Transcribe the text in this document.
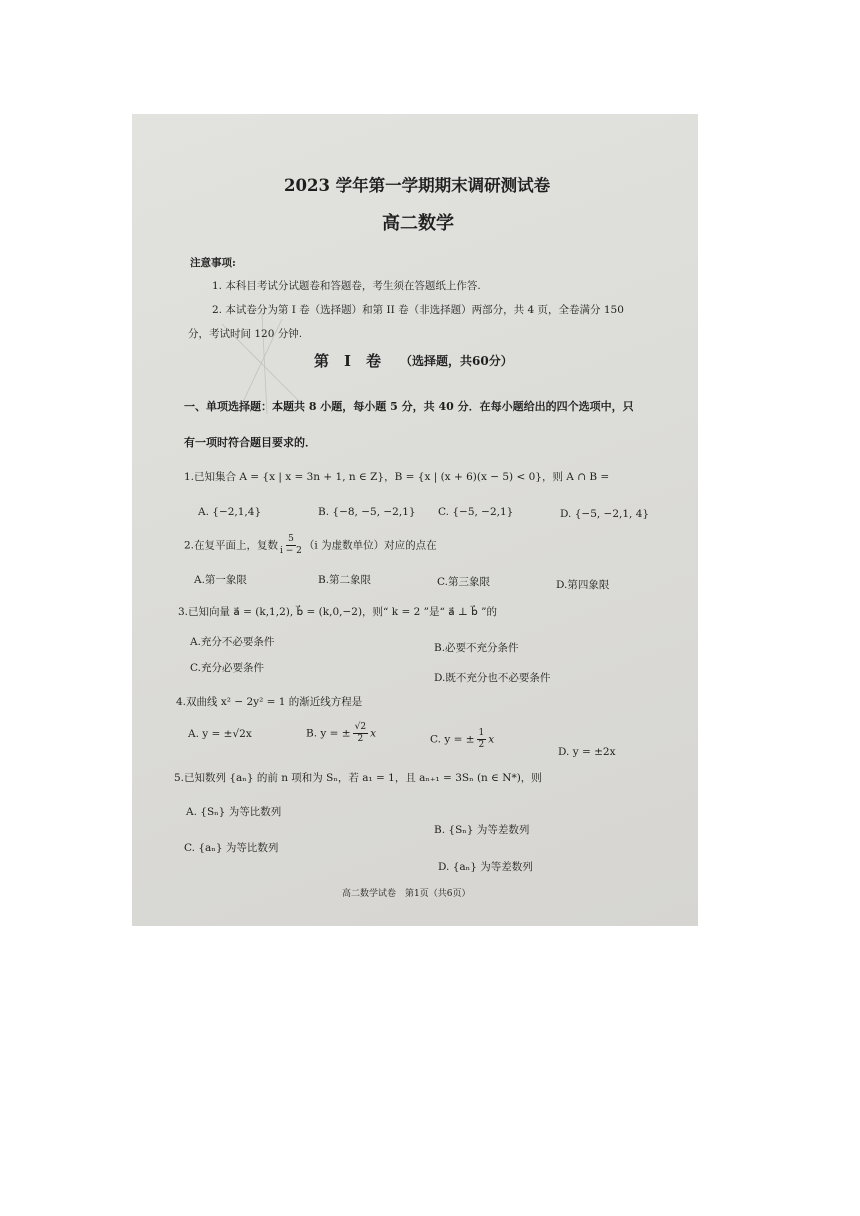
2023 学年第一学期期末调研测试卷
高二数学
注意事项:
1. 本科目考试分试题卷和答题卷，考生须在答题纸上作答.
2. 本试卷分为第 I 卷（选择题）和第 II 卷（非选择题）两部分，共 4 页，全卷满分 150
分，考试时间 120 分钟.
第　I　卷 （选择题，共60分）
一、单项选择题：本题共 8 小题，每小题 5 分，共 40 分．在每小题给出的四个选项中，只
有一项时符合题目要求的．
1.已知集合 A = {x | x = 3n + 1, n ∈ Z}，B = {x | (x + 6)(x − 5) < 0}，则 A ∩ B =
A. {−2,1,4}	B. {−8, −5, −2,1} C. {−5, −2,1}	D. {−5, −2,1, 4}
2.在复平面上，复数 $\frac{5}{i - 2} (i$ 为虚数单位）对应的点在
A.第一象限	B.第二象限	C.第三象限	D.第四象限
3.已知向量 a⃗ = (k,1,2), b⃗ = (k,0,−2)，则“ k = 2 ”是“ a⃗ ⊥ b⃗ ”的
A.充分不必要条件	B.必要不充分条件
C.充分必要条件
D.既不充分也不必要条件
4.双曲线 x² − 2y² = 1 的渐近线方程是
A. y = ±√2x	B. y = ± $\frac{√2}{2}$ x	C. y = ± $\frac{1}{2}$ x
D. y = ±2x
5.已知数列 {aₙ} 的前 n 项和为 Sₙ，若 a₁ = 1，且 aₙ₊₁ = 3Sₙ (n ∈ N*)，则
A. {Sₙ} 为等比数列
B. {Sₙ} 为等差数列
C. {aₙ} 为等比数列
D. {aₙ} 为等差数列
高二数学试卷　第1页（共6页）
